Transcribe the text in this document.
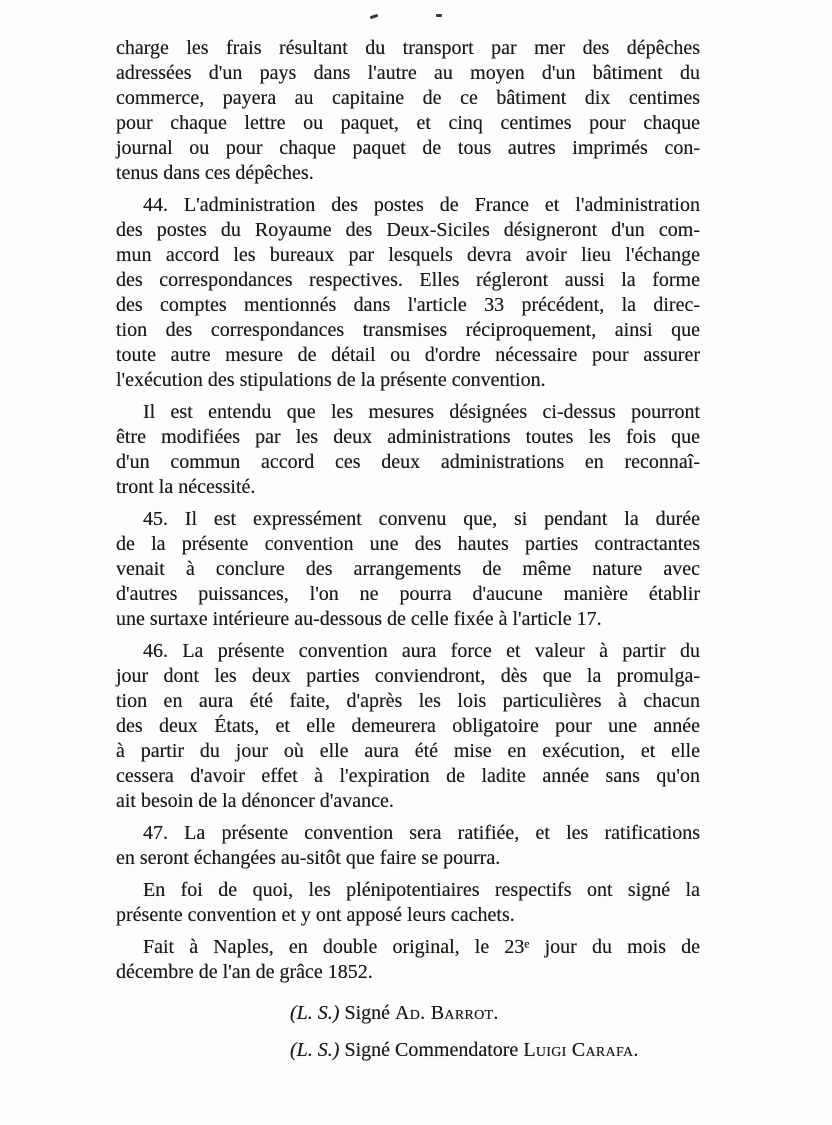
charge les frais résultant du transport par mer des dépêches
adressées d'un pays dans l'autre au moyen d'un bâtiment du
commerce, payera au capitaine de ce bâtiment dix centimes
pour chaque lettre ou paquet, et cinq centimes pour chaque
journal ou pour chaque paquet de tous autres imprimés con-
tenus dans ces dépêches.
44. L'administration des postes de France et l'administration
des postes du Royaume des Deux-Siciles désigneront d'un com-
mun accord les bureaux par lesquels devra avoir lieu l'échange
des correspondances respectives. Elles régleront aussi la forme
des comptes mentionnés dans l'article 33 précédent, la direc-
tion des correspondances transmises réciproquement, ainsi que
toute autre mesure de détail ou d'ordre nécessaire pour assurer
l'exécution des stipulations de la présente convention.
Il est entendu que les mesures désignées ci-dessus pourront
être modifiées par les deux administrations toutes les fois que
d'un commun accord ces deux administrations en reconnaî-
tront la nécessité.
45. Il est expressément convenu que, si pendant la durée
de la présente convention une des hautes parties contractantes
venait à conclure des arrangements de même nature avec
d'autres puissances, l'on ne pourra d'aucune manière établir
une surtaxe intérieure au-dessous de celle fixée à l'article 17.
46. La présente convention aura force et valeur à partir du
jour dont les deux parties conviendront, dès que la promulga-
tion en aura été faite, d'après les lois particulières à chacun
des deux États, et elle demeurera obligatoire pour une année
à partir du jour où elle aura été mise en exécution, et elle
cessera d'avoir effet à l'expiration de ladite année sans qu'on
ait besoin de la dénoncer d'avance.
47. La présente convention sera ratifiée, et les ratifications
en seront échangées au-sitôt que faire se pourra.
En foi de quoi, les plénipotentiaires respectifs ont signé la
présente convention et y ont apposé leurs cachets.
Fait à Naples, en double original, le 23ᵉ jour du mois de
décembre de l'an de grâce 1852.
(L. S.) Signé Ad. Barrot.
(L. S.) Signé Commendatore Luigi Carafa.
